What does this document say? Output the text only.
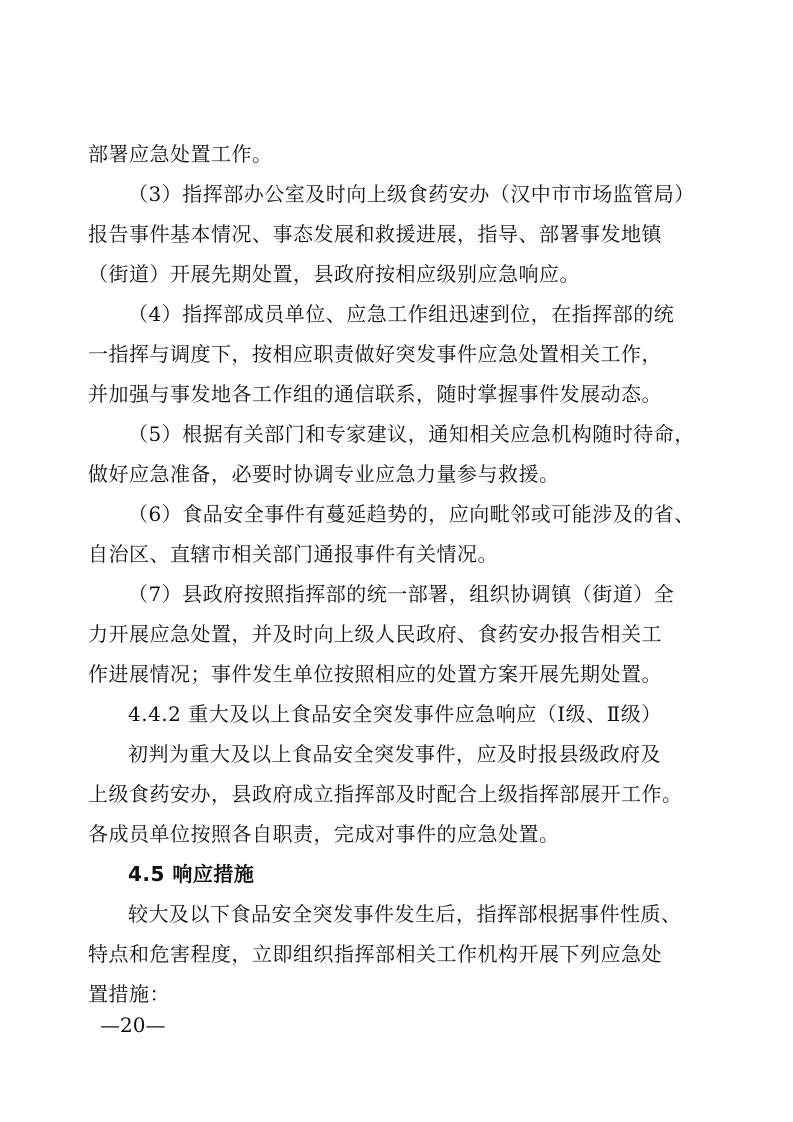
部署应急处置工作。
（3）指挥部办公室及时向上级食药安办（汉中市市场监管局）
报告事件基本情况、事态发展和救援进展，指导、部署事发地镇
（街道）开展先期处置，县政府按相应级别应急响应。
（4）指挥部成员单位、应急工作组迅速到位，在指挥部的统
一指挥与调度下，按相应职责做好突发事件应急处置相关工作，
并加强与事发地各工作组的通信联系，随时掌握事件发展动态。
（5）根据有关部门和专家建议，通知相关应急机构随时待命，
做好应急准备，必要时协调专业应急力量参与救援。
（6）食品安全事件有蔓延趋势的，应向毗邻或可能涉及的省、
自治区、直辖市相关部门通报事件有关情况。
（7）县政府按照指挥部的统一部署，组织协调镇（街道）全
力开展应急处置，并及时向上级人民政府、食药安办报告相关工
作进展情况；事件发生单位按照相应的处置方案开展先期处置。
4.4.2 重大及以上食品安全突发事件应急响应（Ⅰ级、Ⅱ级）
初判为重大及以上食品安全突发事件，应及时报县级政府及
上级食药安办，县政府成立指挥部及时配合上级指挥部展开工作。
各成员单位按照各自职责，完成对事件的应急处置。
4.5 响应措施
较大及以下食品安全突发事件发生后，指挥部根据事件性质、
特点和危害程度，立即组织指挥部相关工作机构开展下列应急处
置措施：
—20—
